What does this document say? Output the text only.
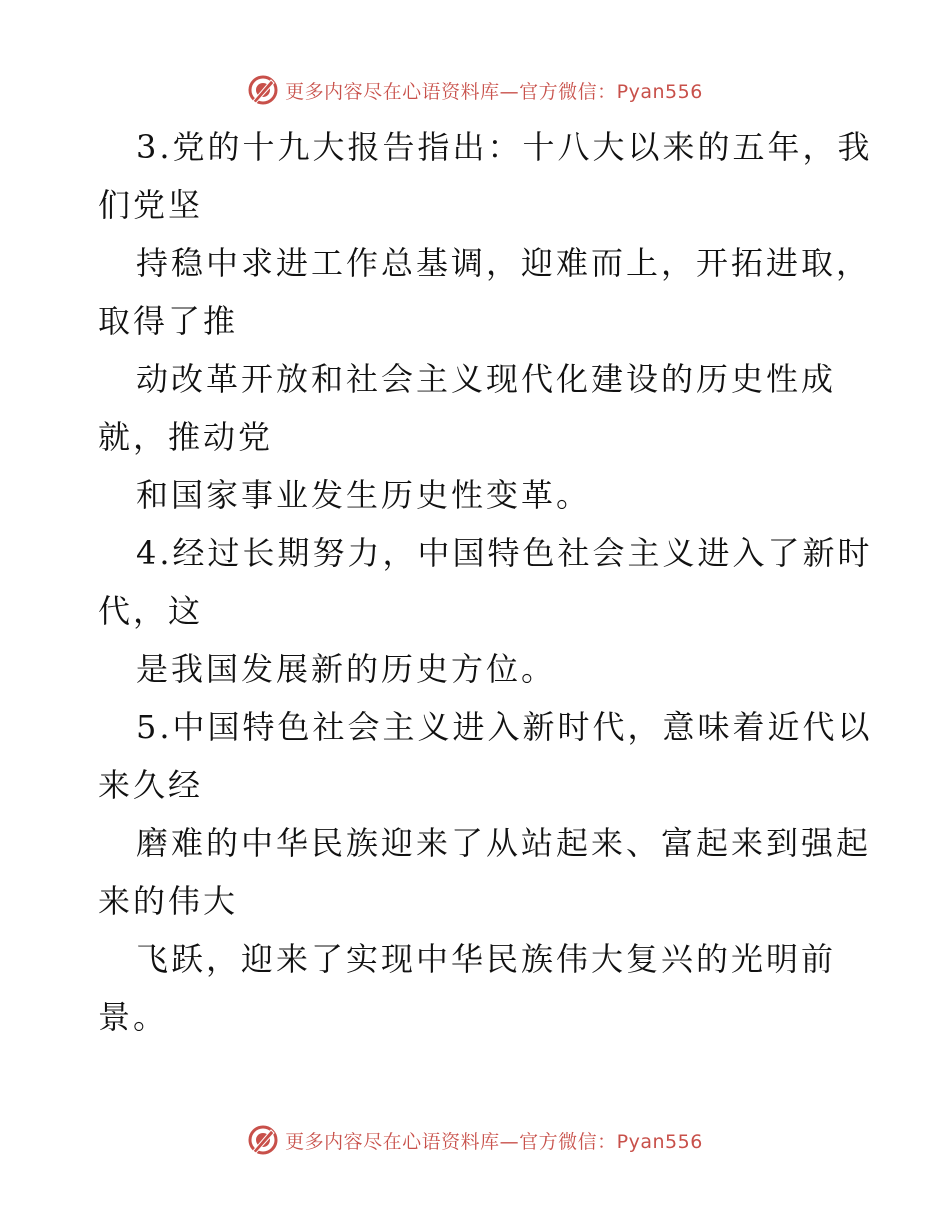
更多内容尽在心语资料库—官方微信：Pyan556
3.党的十九大报告指出：十八大以来的五年，我
们党坚
持稳中求进工作总基调，迎难而上，开拓进取，
取得了推
动改革开放和社会主义现代化建设的历史性成
就，推动党
和国家事业发生历史性变革。
4.经过长期努力，中国特色社会主义进入了新时
代，这
是我国发展新的历史方位。
5.中国特色社会主义进入新时代，意味着近代以
来久经
磨难的中华民族迎来了从站起来、富起来到强起
来的伟大
飞跃，迎来了实现中华民族伟大复兴的光明前
景。
更多内容尽在心语资料库—官方微信：Pyan556
